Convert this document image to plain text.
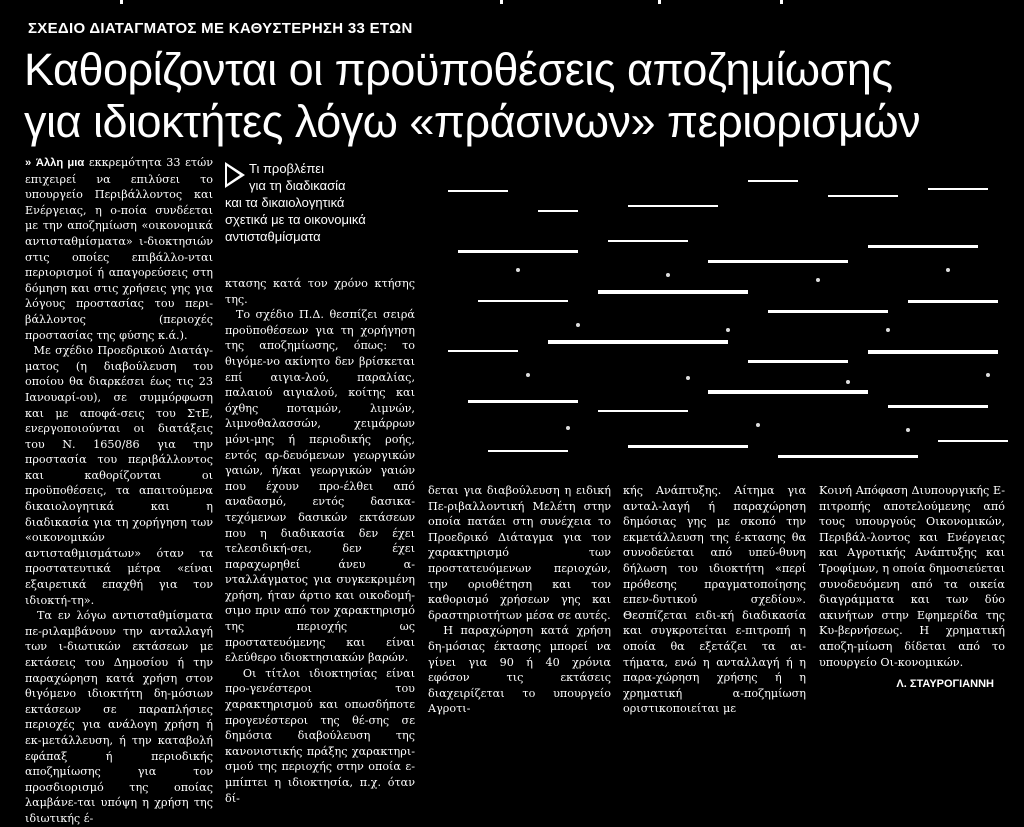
ΣΧΕΔΙΟ ΔΙΑΤΑΓΜΑΤΟΣ ΜΕ ΚΑΘΥΣΤΕΡΗΣΗ 33 ΕΤΩΝ
Καθορίζονται οι προϋποθέσεις αποζημίωσης
για ιδιοκτήτες λόγω «πράσινων» περιορισμών
» Άλλη μια εκκρεμότητα 33 ετών επιχειρεί να επιλύσει το υπουργείο Περιβάλλοντος και Ενέργειας, η ο-ποία συνδέεται με την αποζημίωση «οικονομικά αντισταθμίσματα» ι-διοκτησιών στις οποίες επιβάλλο-νται περιορισμοί ή απαγορεύσεις στη δόμηση και στις χρήσεις γης για λόγους προστασίας του περι-βάλλοντος (περιοχές προστασίας της φύσης κ.ά.).
Με σχέδιο Προεδρικού Διατάγ-ματος (η διαβούλευση του οποίου θα διαρκέσει έως τις 23 Ιανουαρί-ου), σε συμμόρφωση και με αποφά-σεις του ΣτΕ, ενεργοποιούνται οι διατάξεις του Ν. 1650/86 για την προστασία του περιβάλλοντος και καθορίζονται οι προϋποθέσεις, τα απαιτούμενα δικαιολογητικά και η διαδικασία για τη χορήγηση των «οικονομικών αντισταθμισμάτων» όταν τα προστατευτικά μέτρα «είναι εξαιρετικά επαχθή για τον ιδιοκτή-τη».
Τα εν λόγω αντισταθμίσματα πε-ριλαμβάνουν την ανταλλαγή των ι-διωτικών εκτάσεων με εκτάσεις του Δημοσίου ή την παραχώρηση κατά χρήση στον θιγόμενο ιδιοκτήτη δη-μόσιων εκτάσεων σε παραπλήσιες περιοχές για ανάλογη χρήση ή εκ-μετάλλευση, ή την καταβολή εφάπαξ ή περιοδικής αποζημίωσης για τον προσδιορισμό της οποίας λαμβάνε-ται υπόψη η χρήση της ιδιωτικής έ-
Τι προβλέπει
για τη διαδικασία
και τα δικαιολογητικά
σχετικά με τα οικονομικά
αντισταθμίσματα
κτασης κατά τον χρόνο κτήσης της.
Το σχέδιο Π.Δ. θεσπίζει σειρά προϋποθέσεων για τη χορήγηση της αποζημίωσης, όπως: το θιγόμε-νο ακίνητο δεν βρίσκεται επί αιγια-λού, παραλίας, παλαιού αιγιαλού, κοίτης και όχθης ποταμών, λιμνών, λιμνοθαλασσών, χειμάρρων μόνι-μης ή περιοδικής ροής, εντός αρ-δευόμενων γεωργικών γαιών, ή/και γεωργικών γαιών που έχουν προ-έλθει από αναδασμό, εντός δασικα-τεχόμενων δασικών εκτάσεων που η διαδικασία δεν έχει τελεσιδική-σει, δεν έχει παραχωρηθεί άνευ α-νταλλάγματος για συγκεκριμένη χρήση, ήταν άρτιο και οικοδομή-σιμο πριν από τον χαρακτηρισμό της περιοχής ως προστατευόμενης και είναι ελεύθερο ιδιοκτησιακών βαρών.
Οι τίτλοι ιδιοκτησίας είναι προ-γενέστεροι του χαρακτηρισμού και οπωσδήποτε προγενέστεροι της θέ-σης σε δημόσια διαβούλευση της κανονιστικής πράξης χαρακτηρι-σμού της περιοχής στην οποία ε-μπίπτει η ιδιοκτησία, π.χ. όταν δί-
δεται για διαβούλευση η ειδική Πε-ριβαλλοντική Μελέτη στην οποία πατάει στη συνέχεια το Προεδρικό Διάταγμα για τον χαρακτηρισμό των προστατευόμενων περιοχών, την οριοθέτηση και τον καθορισμό χρήσεων γης και δραστηριοτήτων μέσα σε αυτές.
Η παραχώρηση κατά χρήση δη-μόσιας έκτασης μπορεί να γίνει για 90 ή 40 χρόνια εφόσον τις εκτάσεις διαχειρίζεται το υπουργείο Αγροτι-
κής Ανάπτυξης. Αίτημα για ανταλ-λαγή ή παραχώρηση δημόσιας γης με σκοπό την εκμετάλλευση της έ-κτασης θα συνοδεύεται από υπεύ-θυνη δήλωση του ιδιοκτήτη «περί πρόθεσης πραγματοποίησης επεν-δυτικού σχεδίου». Θεσπίζεται ειδι-κή διαδικασία και συγκροτείται ε-πιτροπή η οποία θα εξετάζει τα αι-τήματα, ενώ η ανταλλαγή ή η παρα-χώρηση χρήσης ή η χρηματική α-ποζημίωση οριστικοποιείται με
Κοινή Απόφαση Διυπουργικής Ε-πιτροπής αποτελούμενης από τους υπουργούς Οικονομικών, Περιβάλ-λοντος και Ενέργειας και Αγροτικής Ανάπτυξης και Τροφίμων, η οποία δημοσιεύεται συνοδευόμενη από τα οικεία διαγράμματα και των δύο ακινήτων στην Εφημερίδα της Κυ-βερνήσεως. Η χρηματική αποζη-μίωση δίδεται από το υπουργείο Οι-κονομικών.
Λ. ΣΤΑΥΡΟΓΙΑΝΝΗ
